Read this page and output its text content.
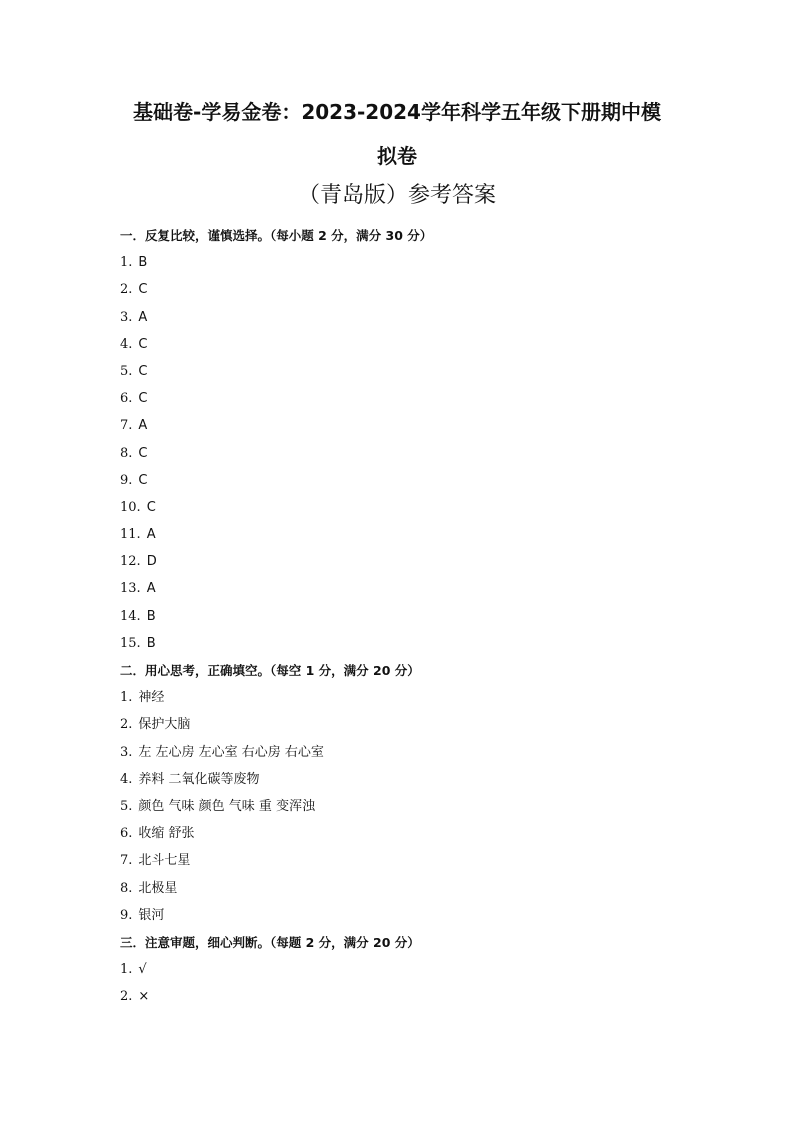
基础卷-学易金卷：2023-2024学年科学五年级下册期中模
拟卷
（青岛版）参考答案
一．反复比较，谨慎选择。（每小题 2 分，满分 30 分）
1. B
2. C
3. A
4. C
5. C
6. C
7. A
8. C
9. C
10. C
11. A
12. D
13. A
14. B
15. B
二．用心思考，正确填空。（每空 1 分，满分 20 分）
1. 神经
2. 保护大脑
3. 左 左心房 左心室 右心房 右心室
4. 养料 二氧化碳等废物
5. 颜色 气味 颜色 气味 重 变浑浊
6. 收缩 舒张
7. 北斗七星
8. 北极星
9. 银河
三．注意审题，细心判断。（每题 2 分，满分 20 分）
1. √
2. ×
